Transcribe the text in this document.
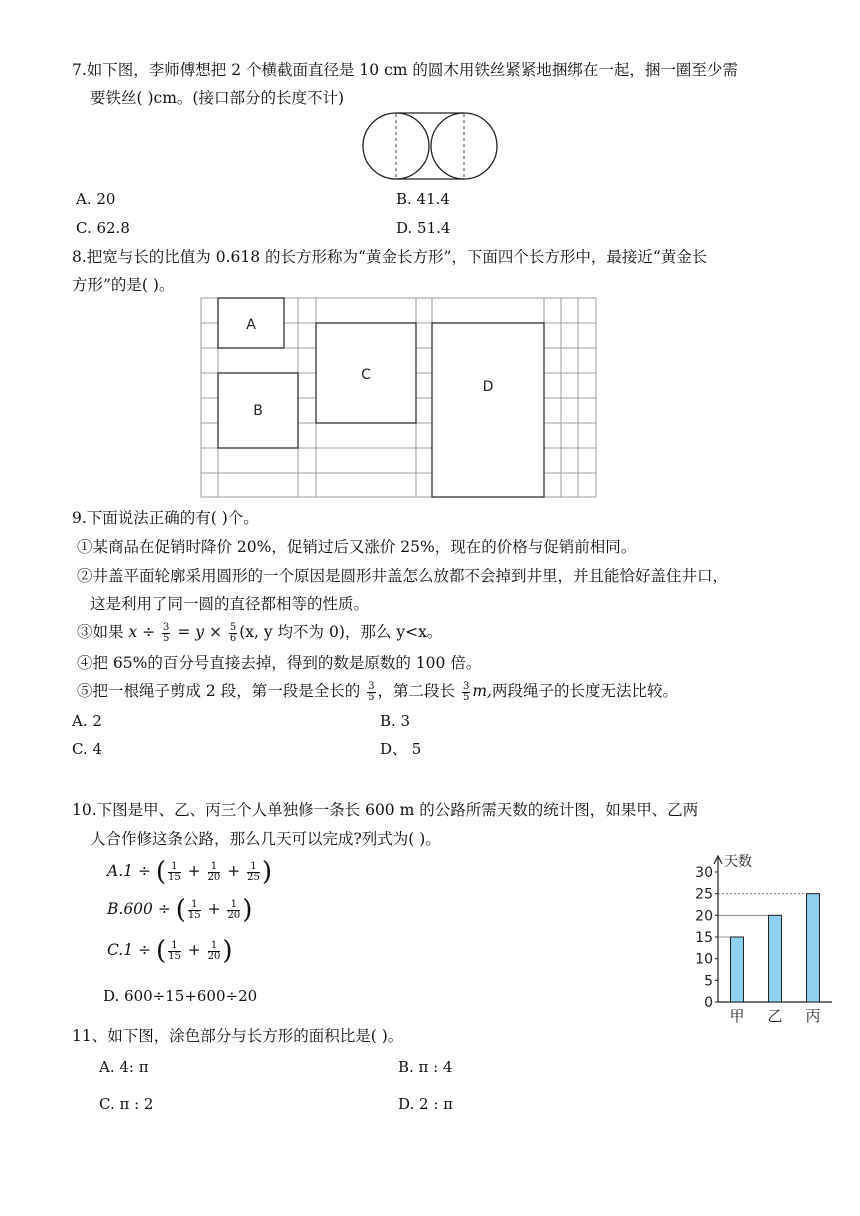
7.如下图，李师傅想把 2 个横截面直径是 10 cm 的圆木用铁丝紧紧地捆绑在一起，捆一圈至少需
要铁丝( )cm。(接口部分的长度不计)
A. 20	B. 41.4
C. 62.8	D. 51.4
8.把宽与长的比值为 0.618 的长方形称为“黄金长方形”，下面四个长方形中，最接近“黄金长
方形”的是( )。
A
B
C
D
9.下面说法正确的有( )个。
①某商品在促销时降价 20%，促销过后又涨价 25%，现在的价格与促销前相同。
②井盖平面轮廓采用圆形的一个原因是圆形井盖怎么放都不会掉到井里，并且能恰好盖住井口，
这是利用了同一圆的直径都相等的性质。
③如果 $x \div \frac{3}{5} = y \times \frac{5}{6} (x$, y 均不为 0)，那么 y<x。
④把 65%的百分号直接去掉，得到的数是原数的 100 倍。
⑤把一根绳子剪成 2 段，第一段是全长的 $\frac{3}{5}$ ，第二段长 $\frac{3}{5} m$,两段绳子的长度无法比较。
A. 2	B. 3
C. 4	D、 5
10.下图是甲、乙、丙三个人单独修一条长 600 m 的公路所需天数的统计图，如果甲、乙两
人合作修这条公路，那么几天可以完成?列式为( )。
A.1 ÷ ( $\frac{1}{15} + \frac{1}{20} + \frac{1}{25}$ )
B.600 ÷ ( $\frac{1}{15} + \frac{1}{20}$ )
C.1 ÷ ( $\frac{1}{15} + \frac{1}{20}$ )
D. 600÷15+600÷20
天数
0
5
10
15
20
25
30
甲 乙 丙
11、如下图，涂色部分与长方形的面积比是( )。
A. 4: π	B. π : 4
C. π : 2	D. 2 : π
